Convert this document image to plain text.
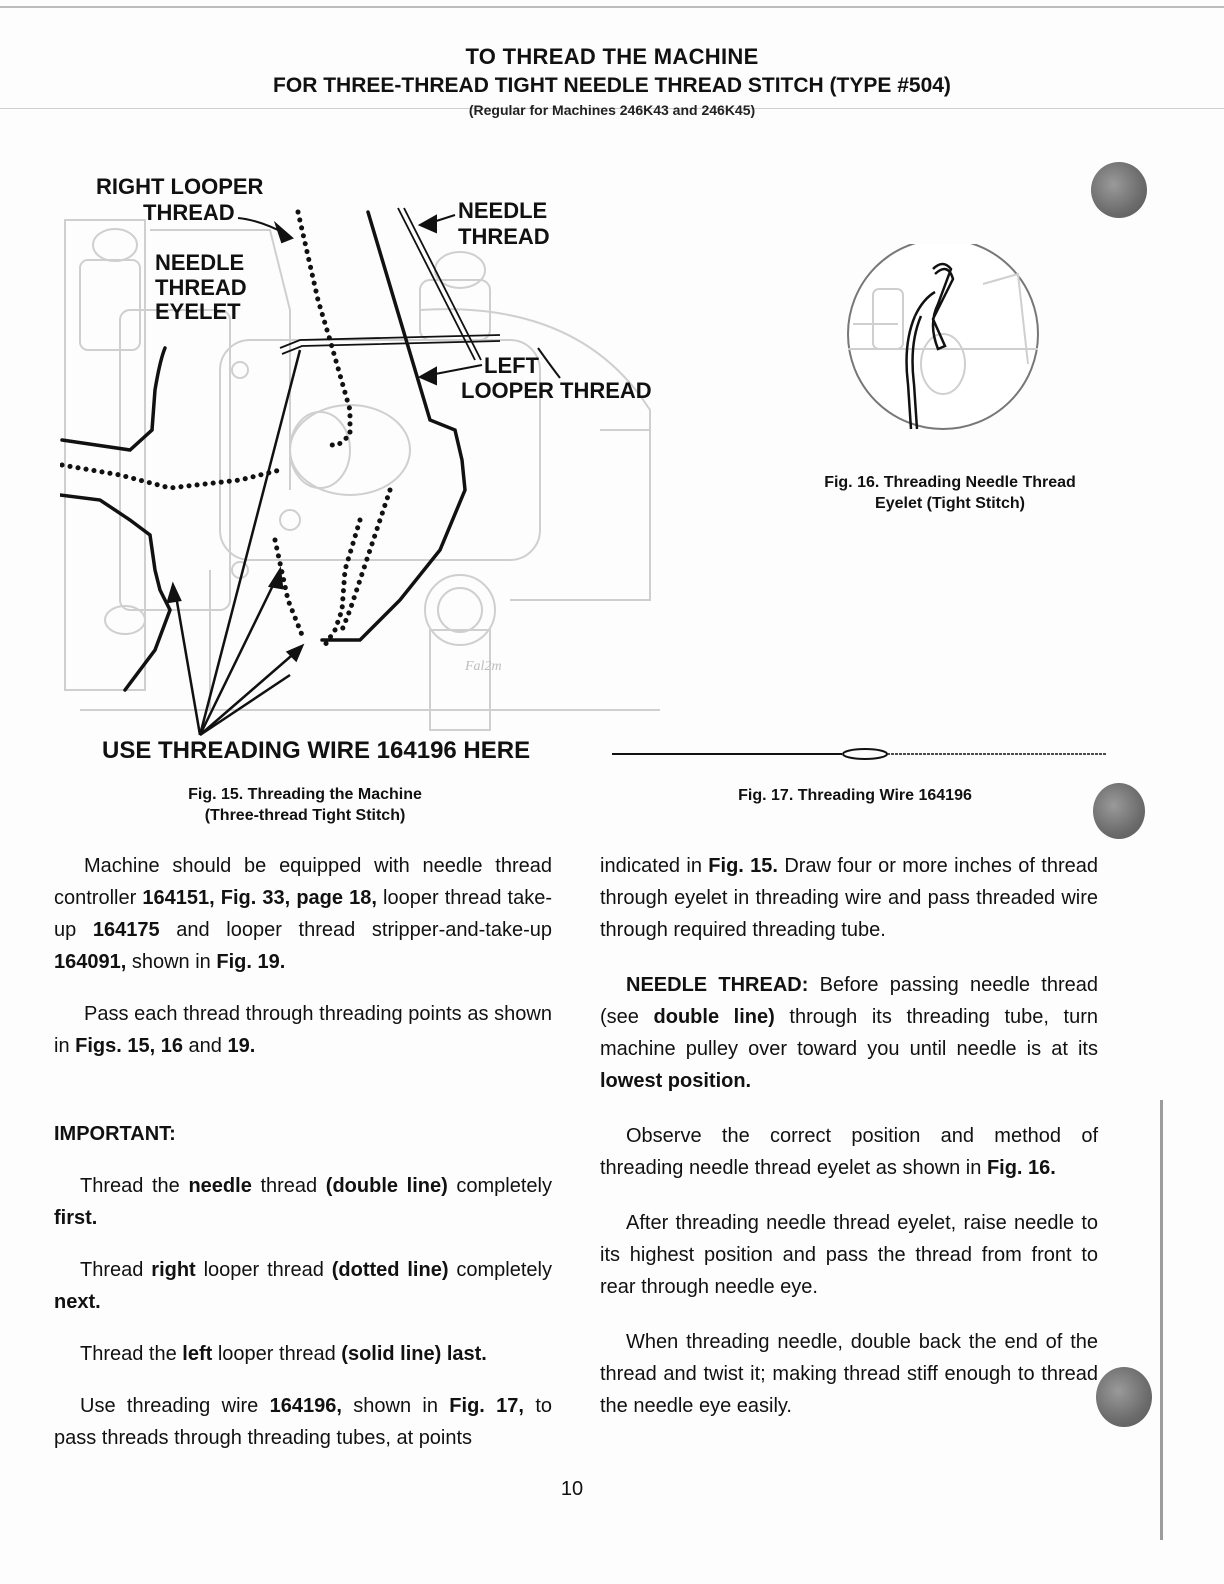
TO THREAD THE MACHINE
FOR THREE-THREAD TIGHT NEEDLE THREAD STITCH (TYPE #504)
(Regular for Machines 246K43 and 246K45)
Fal2m
RIGHT LOOPER
THREAD	NEEDLE
THREAD
NEEDLE
THREAD
EYELET
LEFT
LOOPER THREAD
USE THREADING WIRE 164196 HERE
Fig. 15. Threading the Machine
(Three-thread Tight Stitch)
Fig. 16. Threading Needle Thread
Eyelet (Tight Stitch)
Fig. 17. Threading Wire 164196

Machine should be equipped with needle thread controller 164151, Fig. 33, page 18, looper thread take-up 164175 and looper thread stripper-and-take-up 164091, shown in Fig. 19.

Pass each thread through threading points as shown in Figs. 15, 16 and 19.

IMPORTANT:

Thread the needle thread (double line) completely first.

Thread right looper thread (dotted line) completely next.

Thread the left looper thread (solid line) last.

Use threading wire 164196, shown in Fig. 17, to pass threads through threading tubes, at points

indicated in Fig. 15. Draw four or more inches of thread through eyelet in threading wire and pass threaded wire through required threading tube.

NEEDLE THREAD: Before passing needle thread (see double line) through its threading tube, turn machine pulley over toward you until needle is at its lowest position.

Observe the correct position and method of threading needle thread eyelet as shown in Fig. 16.

After threading needle thread eyelet, raise needle to its highest position and pass the thread from front to rear through needle eye.

When threading needle, double back the end of the thread and twist it; making thread stiff enough to thread the needle eye easily.

10
